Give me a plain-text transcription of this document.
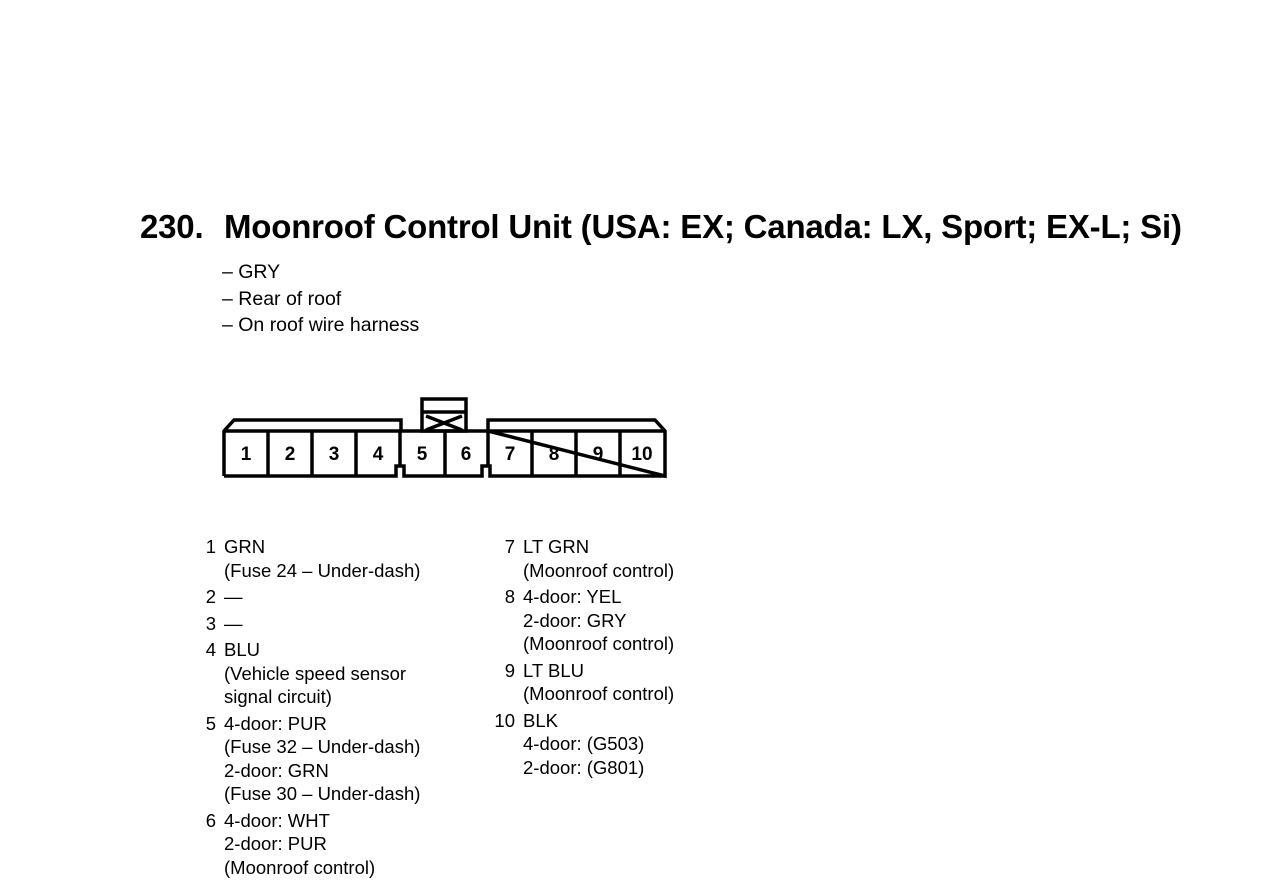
230. Moonroof Control Unit (USA: EX; Canada: LX, Sport; EX-L; Si)
– GRY
– Rear of roof
– On roof wire harness
1 2 3 4 5 6 7 8 9 10
1 GRN
(Fuse 24 – Under-dash)
2 —
3 —
4 BLU
(Vehicle speed sensor
signal circuit)
5 4-door: PUR
(Fuse 32 – Under-dash)
2-door: GRN
(Fuse 30 – Under-dash)
6 4-door: WHT
2-door: PUR
(Moonroof control)
7 LT GRN
(Moonroof control)
8 4-door: YEL
2-door: GRY
(Moonroof control)
9 LT BLU
(Moonroof control)
10 BLK
4-door: (G503)
2-door: (G801)
